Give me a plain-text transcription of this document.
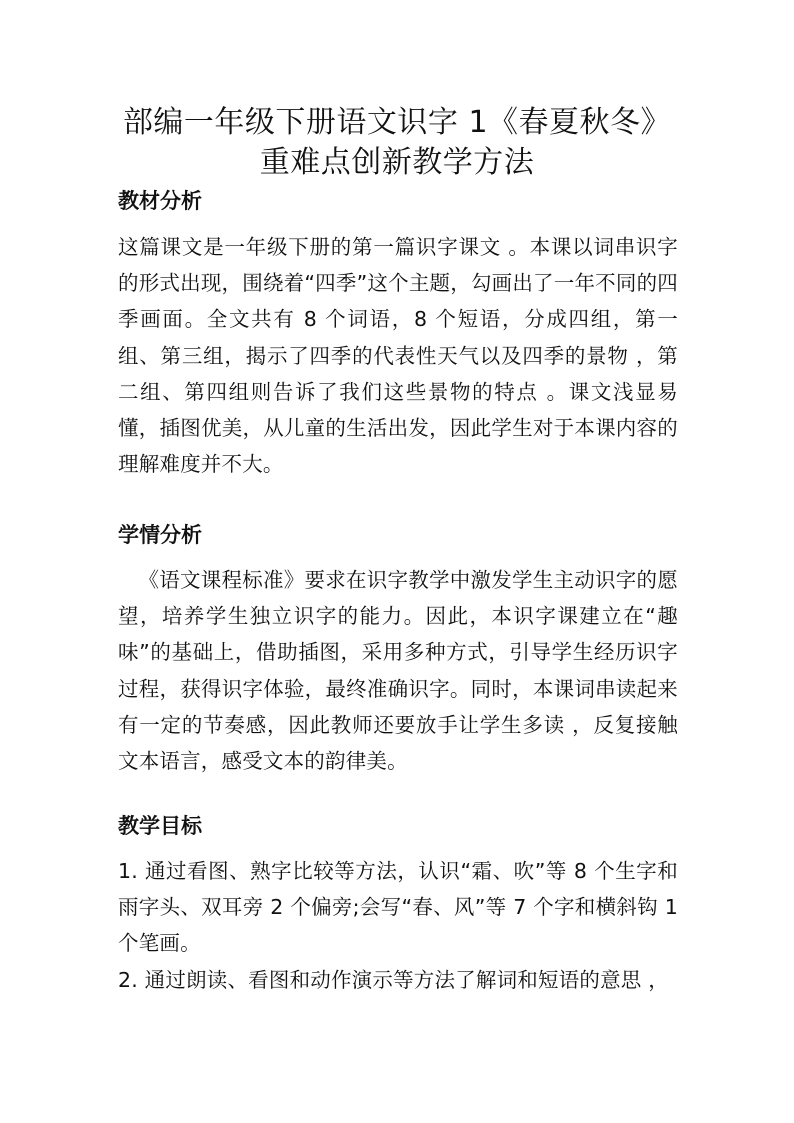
部编一年级下册语文识字 1《春夏秋冬》
重难点创新教学方法
教材分析
这篇课文是一年级下册的第一篇识字课文 。本课以词串识字的形式出现，围绕着“四季”这个主题，勾画出了一年不同的四季画面。全文共有 8 个词语，8 个短语，分成四组，第一组、第三组，揭示了四季的代表性天气以及四季的景物 ，第二组、第四组则告诉了我们这些景物的特点 。课文浅显易懂，插图优美，从儿童的生活出发，因此学生对于本课内容的理解难度并不大。
学情分析
《语文课程标准》要求在识字教学中激发学生主动识字的愿望，培养学生独立识字的能力。因此，本识字课建立在“趣味”的基础上，借助插图，采用多种方式，引导学生经历识字过程，获得识字体验，最终准确识字。同时，本课词串读起来有一定的节奏感，因此教师还要放手让学生多读 ，反复接触文本语言，感受文本的韵律美。
教学目标
1. 通过看图、熟字比较等方法，认识“霜、吹”等 8 个生字和雨字头、双耳旁 2 个偏旁;会写“春、风”等 7 个字和横斜钩 1 个笔画。
2. 通过朗读、看图和动作演示等方法了解词和短语的意思 ，
